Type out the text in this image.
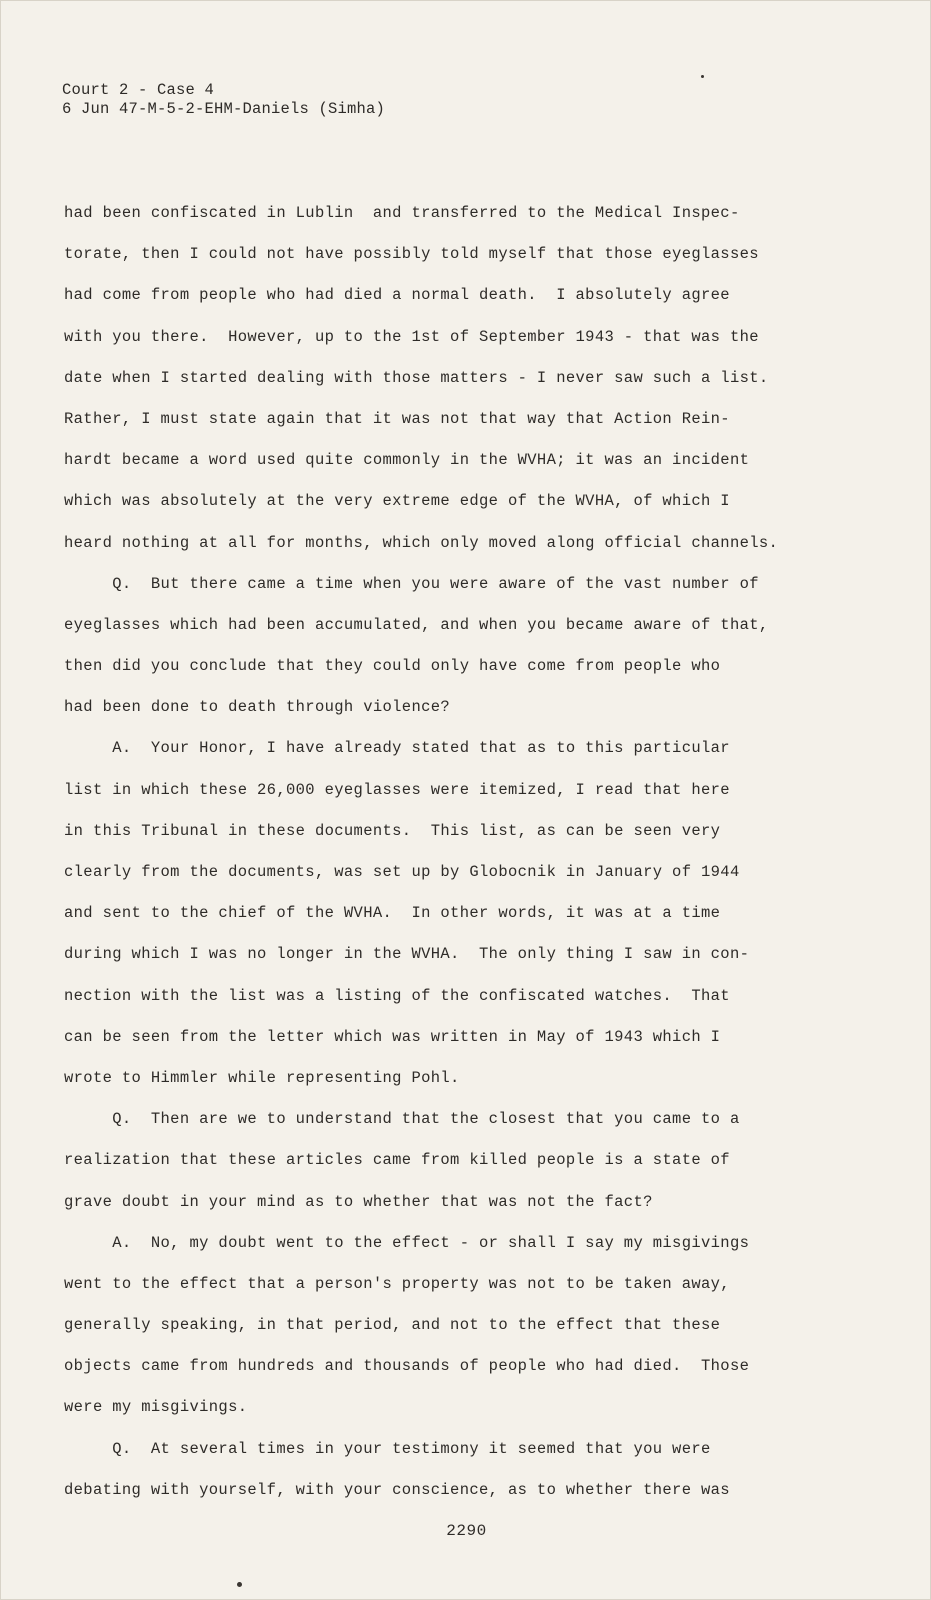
Court 2 - Case 4
6 Jun 47-M-5-2-EHM-Daniels (Simha)
had been confiscated in Lublin  and transferred to the Medical Inspec-
torate, then I could not have possibly told myself that those eyeglasses
had come from people who had died a normal death.  I absolutely agree
with you there.  However, up to the 1st of September 1943 - that was the
date when I started dealing with those matters - I never saw such a list.
Rather, I must state again that it was not that way that Action Rein-
hardt became a word used quite commonly in the WVHA; it was an incident
which was absolutely at the very extreme edge of the WVHA, of which I
heard nothing at all for months, which only moved along official channels.
Q.  But there came a time when you were aware of the vast number of
eyeglasses which had been accumulated, and when you became aware of that,
then did you conclude that they could only have come from people who
had been done to death through violence?
A.  Your Honor, I have already stated that as to this particular
list in which these 26,000 eyeglasses were itemized, I read that here
in this Tribunal in these documents.  This list, as can be seen very
clearly from the documents, was set up by Globocnik in January of 1944
and sent to the chief of the WVHA.  In other words, it was at a time
during which I was no longer in the WVHA.  The only thing I saw in con-
nection with the list was a listing of the confiscated watches.  That
can be seen from the letter which was written in May of 1943 which I
wrote to Himmler while representing Pohl.
Q.  Then are we to understand that the closest that you came to a
realization that these articles came from killed people is a state of
grave doubt in your mind as to whether that was not the fact?
A.  No, my doubt went to the effect - or shall I say my misgivings
went to the effect that a person's property was not to be taken away,
generally speaking, in that period, and not to the effect that these
objects came from hundreds and thousands of people who had died.  Those
were my misgivings.
Q.  At several times in your testimony it seemed that you were
debating with yourself, with your conscience, as to whether there was
2290
